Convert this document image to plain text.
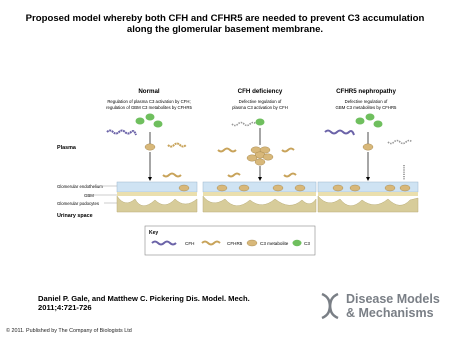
Proposed model whereby both CFH and CFHR5 are needed to prevent C3 accumulation along the glomerular basement membrane.
Normal
Regulation of plasma C3 activation by CFH;
regulation of GBM C3 metabolites by CFHR5
CFH deficiency
Defective regulation of
plasma C3 activation by CFH
CFHR5 nephropathy
Defective regulation of
GBM C3 metabolites by CFHR5
Plasma
Glomerular endothelium
GBM
Glomerular podocytes
Urinary space
Key
CFH	CFHR5	C3 metabolite	C3
Daniel P. Gale, and Matthew C. Pickering Dis. Model. Mech.
2011;4:721-726
Disease Models
& Mechanisms
© 2011. Published by The Company of Biologists Ltd
